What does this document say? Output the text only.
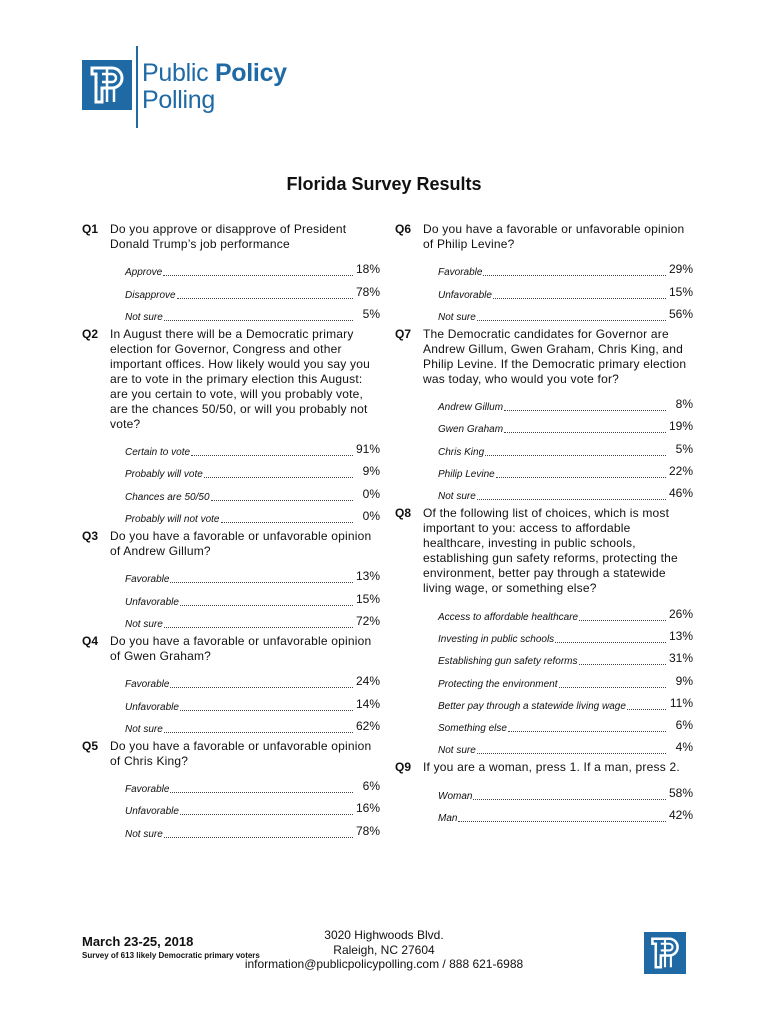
Public Policy
Polling
Florida Survey Results
Q1 Do you approve or disapprove of President Donald Trump’s job performance
Approve	18%
Disapprove	78%
Not sure	5%
Q2 In August there will be a Democratic primary election for Governor, Congress and other important offices. How likely would you say you are to vote in the primary election this August: are you certain to vote, will you probably vote, are the chances 50/50, or will you probably not vote?
Certain to vote	91%
Probably will vote	9%
Chances are 50/50	0%
Probably will not vote	0%
Q3 Do you have a favorable or unfavorable opinion of Andrew Gillum?
Favorable	13%
Unfavorable	15%
Not sure	72%
Q4 Do you have a favorable or unfavorable opinion of Gwen Graham?
Favorable	24%
Unfavorable	14%
Not sure	62%
Q5 Do you have a favorable or unfavorable opinion of Chris King?
Favorable	6%
Unfavorable	16%
Not sure	78%
Q6 Do you have a favorable or unfavorable opinion of Philip Levine?
Favorable	29%
Unfavorable	15%
Not sure	56%
Q7 The Democratic candidates for Governor are Andrew Gillum, Gwen Graham, Chris King, and Philip Levine. If the Democratic primary election was today, who would you vote for?
Andrew Gillum	8%
Gwen Graham	19%
Chris King	5%
Philip Levine	22%
Not sure	46%
Q8 Of the following list of choices, which is most important to you: access to affordable healthcare, investing in public schools, establishing gun safety reforms, protecting the environment, better pay through a statewide living wage, or something else?
Access to affordable healthcare	26%
Investing in public schools	13%
Establishing gun safety reforms	31%
Protecting the environment	9%
Better pay through a statewide living wage	11%
Something else	6%
Not sure	4%
Q9 If you are a woman, press 1. If a man, press 2.
Woman	58%
Man	42%
March 23-25, 2018
Survey of 613 likely Democratic primary voters
3020 Highwoods Blvd.
Raleigh, NC 27604
information@publicpolicypolling.com / 888 621-6988
